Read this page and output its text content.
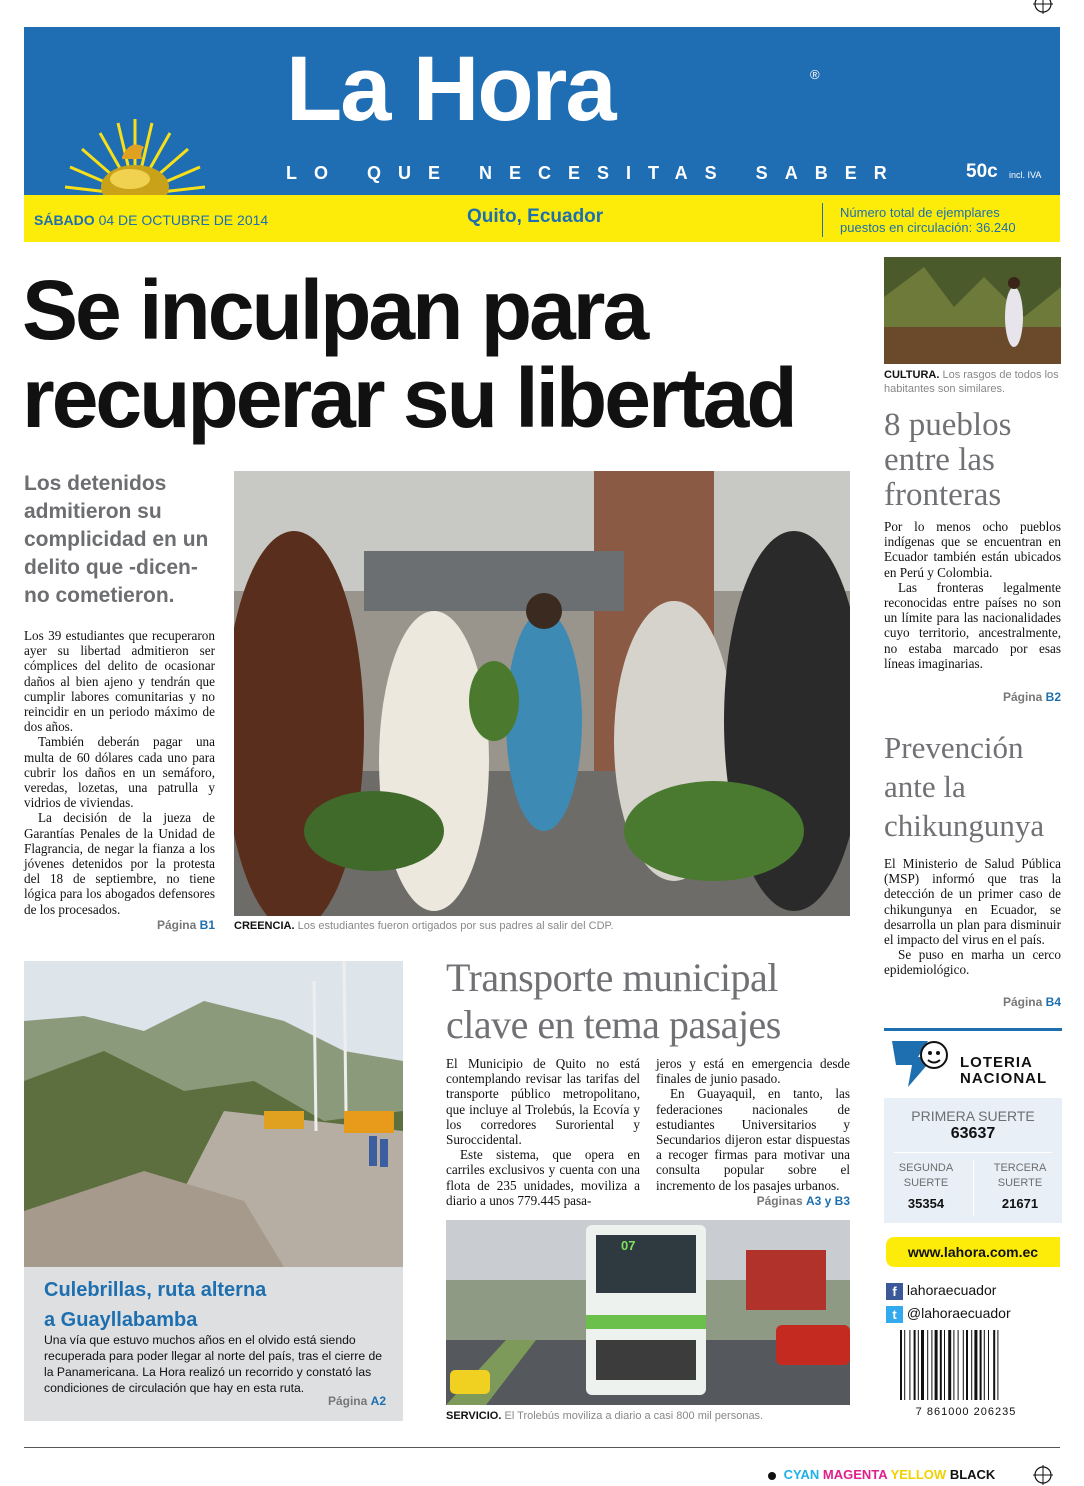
La Hora	®
LO QUE NECESITAS SABER	50c incl. IVA
SÁBADO 04 DE OCTUBRE DE 2014	Quito, Ecuador	Número total de ejemplares
puestos en circulación: 36.240
Se inculpan para
recuperar su libertad
Los detenidos admitieron su complicidad en un delito que -dicen- no cometieron.

Los 39 estudiantes que recuperaron ayer su libertad admitieron ser cómplices del delito de ocasionar daños al bien ajeno y tendrán que cumplir labores comunitarias y no reincidir en un periodo máximo de dos años.

También deberán pagar una multa de 60 dólares cada uno para cubrir los daños en un semáforo, veredas, lozetas, una patrulla y vidrios de viviendas.

La decisión de la jueza de Garantías Penales de la Unidad de Flagrancia, de negar la fianza a los jóvenes detenidos por la protesta del 18 de septiembre, no tiene lógica para los abogados defensores de los procesados.

Página B1 CREENCIA. Los estudiantes fueron ortigados por sus padres al salir del CDP.
CULTURA. Los rasgos de todos los habitantes son similares.
8 pueblos entre las fronteras

Por lo menos ocho pueblos indígenas que se encuentran en Ecuador también están ubicados en Perú y Colombia.

Las fronteras legalmente reconocidas entre países no son un límite para las nacionalidades cuyo territorio, ancestralmente, no estaba marcado por esas líneas imaginarias.

Página B2
Prevención ante la chikungunya

El Ministerio de Salud Pública (MSP) informó que tras la detección de un primer caso de chikungunya en Ecuador, se desarrolla un plan para disminuir el impacto del virus en el país.

Se puso en marha un cerco epidemiológico.

Página B4
LOTERIA
NACIONAL
PRIMERA SUERTE
63637
SEGUNDA
SUERTE
35354
TERCERA
SUERTE
21671
www.lahora.com.ec
f lahoraecuador
t @lahoraecuador
7 861000 206235
Culebrillas, ruta alterna
a Guayllabamba
Una vía que estuvo muchos años en el olvido está siendo recuperada para poder llegar al norte del país, tras el cierre de la Panamericana. La Hora realizó un recorrido y constató las condiciones de circulación que hay en esta ruta.
Página A2
Transporte municipal
clave en tema pasajes

El Municipio de Quito no está contemplando revisar las tarifas del transporte público metropolitano, que incluye al Trolebús, la Ecovía y los corredores Suroriental y Suroccidental.

Este sistema, que opera en carriles exclusivos y cuenta con una flota de 235 unidades, moviliza a diario a unos 779.445 pasa-

jeros y está en emergencia desde finales de junio pasado.

En Guayaquil, en tanto, las federaciones nacionales de estudiantes Universitarios y Secundarios dijeron estar dispuestas a recoger firmas para motivar una consulta popular sobre el incremento de los pasajes urbanos.

Páginas A3 y B3
07
SERVICIO. El Trolebús moviliza a diario a casi 800 mil personas.
CYAN MAGENTA YELLOW BLACK
